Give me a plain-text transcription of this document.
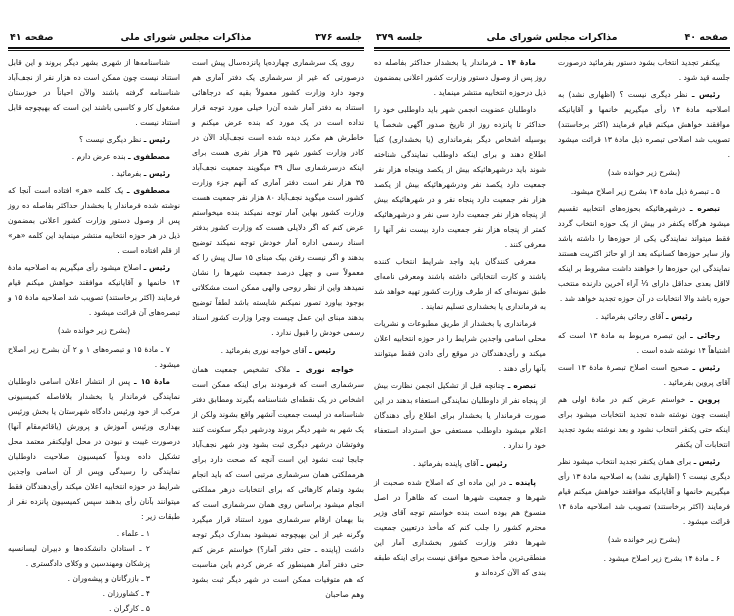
جلسه ۳۷۶
مذاکرات مجلس شورای ملی
صفحه ۴۱

روی یک سرشماری چهارده‌یا پانزده‌سال پیش است درصورتی که غیر از سرشماری یک دفتر آماری هم وجود دارد وزارت کشور معمولاً بقیه که درجاهائی استناد به دفتر آمار شده آن‌را خیلی مورد توجه قرار نداده است در یک مورد که بنده عرض میکنم و خاطرش هم مکرر دیده شده است نجف‌آباد الآن در کادر وزارت کشور شهر ۳۵ هزار نفری هست برای اینکه درسرشماری سال ۳۹ میگویند جمعیت نجف‌آباد ۳۵ هزار نفر است دفتر آماری که آنهم جزء وزارت کشور است میگوید نجف‌آباد ۸۰ هزار نفر جمعیت هست وزارت کشور بهاین آمار توجه نمیکند بنده میخواستم عرض کنم که اگر دلایلی هست که وزارت کشور بدفتر اسناد رسمی اداره آمار خودش توجه نمیکند توضیح بدهند و اگر نیست رفتن بیک مبنای ۱۵ سال پیش را که معمولاً سی و چهل درصد جمعیت شهرها را نشان نمیدهد واین از نظر روحی والهی ممکن است مشکلاتی بوجود بیاورد تصور نمیکنم شایسته باشد لطفاً توضیح بدهند مبنای این عمل چیست وچرا وزارت کشور اسناد رسمی خودش را قبول ندارد .

رئیس ـ آقای خواجه نوری بفرمائید .

خواجه نوری ـ ملاک تشخیص جمعیت همان سرشماری است که فرمودند برای اینکه ممکن است اشخاص در یک نقطه‌ای شناسنامه بگیرند ومطابق دفتر شناسنامه در لیست جمعیت آنشهر واقع بشوند ولکن از یک شهر به شهر دیگر بروند ودرشهر دیگر سکونت کنند وفوتشان درشهر دیگری ثبت بشود ودر شهر نجف‌آباد جابجا ثبت نشود این است آنچه که صحت دارد برای هرمملکتی همان سرشماری مرتبی است که باید انجام بشود وتمام کارهائی که برای انتخابات درهر مملکتی انجام میشود براساس روی همان سرشماری است که بنا بهمان ارقام سرشماری مورد استناد قرار میگیرد وگرنه غیر از این بهیچوجه نمیشود بمدارک دیگر توجه داشت (پاینده ـ حتی دفتر آمار؟) خواستم عرض کنم حتی دفتر آمار همینطور که عرض کردم باین مناسبت که هم متوفیات ممکن است در شهر دیگر ثبت بشود وهم صاحبان

شناسنامه‌ها از شهری بشهر دیگر بروند و این قابل استناد نیست چون ممکن است ده هزار نفر از نجف‌آباد شناسنامه گرفته باشند والآن احیاناً در خوزستان مشغول کار و کاسبی باشند این است که بهیچوجه قابل استناد نیست .

رئیس ـ نظر دیگری نیست ؟

مصطفوی ـ بنده عرض دارم .

رئیس ـ بفرمائید .

مصطفوی ـ یک کلمه «هر» افتاده است آنجا که نوشته شده فرماندار یا بخشدار حداکثر بفاصله ده روز پس از وصول دستور وزارت کشور اعلانی بمضمون ذیل در هر حوزه انتخابیه منتشر مینماید این کلمه «هر» از قلم افتاده است .

رئیس ـ اصلاح میشود رأی میگیریم به اصلاحیه مادهٔ ۱۴ خانمها و آقایانیکه موافقند خواهش میکنم قیام فرمایند (اکثر برخاستند) تصویب شد اصلاحیه مادهٔ ۱۵ و تبصره‌های آن قرائت میشود .

(بشرح زیر خوانده شد)

۷ ـ مادهٔ ۱۵ و تبصره‌های ۱ و ۲ آن بشرح زیر اصلاح میشود .

مادهٔ ۱۵ ـ پس از انتشار اعلان اسامی داوطلبان نمایندگی فرماندار یا بخشدار بلافاصله کمیسیونی مرکب از خود ورئیس دادگاه شهرستان یا بخش ورئیس بهداری ورئیس آموزش و پرورش (یاقائم‌مقام آنها) درصورت غیبت و نبودن در محل اولیکنفر معتمد محل تشکیل داده وبدواً کمیسیون صلاحیت داوطلبان نمایندگی را رسیدگی وپس از آن اسامی واجدین شرایط در حوزه انتخابیه اعلان میکند رأی‌دهندگان فقط میتوانند بآنان رأی بدهند سپس کمیسیون پانزده نفر از طبقات زیر :

۱ ـ علماء .

۲ ـ استادان دانشکده‌ها و دبیران لیسانسیه پزشکان ومهندسین و وکلای دادگستری .

۳ ـ بازرگانان و پیشه‌وران .

۴ ـ کشاورزان .

۵ ـ کارگران .

صفحه ۴۰
مذاکرات مجلس شورای ملی
جلسه ۳۷۹

بیکنفر تجدید انتخاب بشود دستور بفرمائید درصورت جلسه قید شود .

رئیس ـ نظر دیگری نیست ؟ (اظهاری نشد) به اصلاحیه مادهٔ ۱۴ رأی میگیریم خانمها و آقایانیکه موافقند خواهش میکنم قیام فرمایند (اکثر برخاستند) تصویب شد اصلاحی تبصره ذیل مادهٔ ۱۳ قرائت میشود .

(بشرح زیر خوانده شد)

۵ ـ تبصرهٔ ذیل مادهٔ ۱۳ بشرح زیر اصلاح میشود.

تبصره ـ درشهرهائیکه بحوزه‌های انتخابیه تقسیم میشود هرگاه یکنفر در بیش از یک حوزه انتخاب گردد فقط میتواند نمایندگی یکی از حوزه‌ها را داشته باشد واز سایر حوزه‌ها کسانیکه بعد از او حائز اکثریت هستند نمایندگی این حوزه‌ها را خواهند داشت مشروط بر اینکه لااقل بعدی حداقل دارای ⅓ آراء آخرین دارنده منتخب حوزه باشد والا انتخابات در آن حوزه تجدید خواهد شد .

رئیس ـ آقای رجائی بفرمائید .

رجائی ـ این تبصره مربوط به مادهٔ ۱۳ است که اشتباهاً ۱۴ نوشته شده است .

رئیس ـ صحیح است اصلاح تبصرهٔ مادهٔ ۱۳ است آقای پروین بفرمائید .

پروین ـ خواستم عرض کنم در مادهٔ اولی هم اینست چون نوشته شده تجدید انتخابات میشود برای اینکه حتی یکنفر انتخاب نشود و بعد نوشته بشود تجدید انتخابات آن یکنفر

رئیس ـ برای همان یکنفر تجدید انتخاب میشود نظر دیگری نیست ؟ (اظهاری نشد) به اصلاحیه مادهٔ ۱۳ رأی میگیریم خانمها و آقایانیکه موافقند خواهش میکنم قیام فرمایند (اکثر برخاستند) تصویب شد اصلاحیه مادهٔ ۱۴ قرائت میشود .

(بشرح زیر خوانده شد)

۶ ـ مادهٔ ۱۴ بشرح زیر اصلاح میشود .

مادهٔ ۱۴ ـ فرماندار یا بخشدار حداکثر بفاصله ده روز پس از وصول دستور وزارت کشور اعلانی بمضمون ذیل درحوزه انتخابیه منتشر مینماید .

داوطلبان عضویت انجمن شهر باید داوطلبی خود را حداکثر تا پانزده روز از تاریخ صدور آگهی شخصاً یا بوسیله اشخاص دیگر بفرمانداری (یا بخشداری) کتباً اطلاع دهند و برای اینکه داوطلب نمایندگی شناخته شوند باید درشهرهائیکه بیش از یکصد وپنجاه هزار نفر جمعیت دارد یکصد نفر ودرشهرهائیکه بیش از یکصد هزار نفر جمعیت دارد پنجاه نفر و در شهرهائیکه بیش از پنجاه هزار نفر جمعیت دارد سی نفر و درشهرهائیکه کمتر از پنجاه هزار نفر جمعیت دارد بیست نفر آنها را معرفی کنند .

معرفی کنندگان باید واجد شرایط انتخاب کننده باشند و کارت انتخاباتی داشته باشند ومعرفی نامه‌ای طبق نمونه‌ای که از طرف وزارت کشور تهیه خواهد شد به فرمانداری یا بخشداری تسلیم نمایند .

فرمانداری یا بخشدار از طریق مطبوعات و نشریات محلی اسامی واجدین شرایط را در حوزه انتخابیه اعلان میکند و رأی‌دهندگان در موقع رأی دادن فقط میتوانند بآنها رأی دهند .

تبصره ـ چنانچه قبل از تشکیل انجمن نظارت بیش از پنجاه نفر از داوطلبان نمایندگی استعفاء بدهند در این صورت فرماندار یا بخشدار برای اطلاع رأی دهندگان اعلام میشود داوطلب مستعفی حق استرداد استعفاء خود را ندارد .

رئیس ـ آقای پاینده بفرمائید .

پاینده ـ در این ماده ای که اصلاح شده صحبت از شهرها و جمعیت شهرها است که ظاهراً در اصل منسوخ هم بوده است بنده خواستم توجه آقای وزیر محترم کشور را جلب کنم که مأخذ درتعیین جمعیت شهرها دفتر وزارت کشور بخشداری آمار این منطقی‌ترین مأخذ صحیح موافق نیست برای اینکه طبقه بندی که الآن کرده‌اند و
